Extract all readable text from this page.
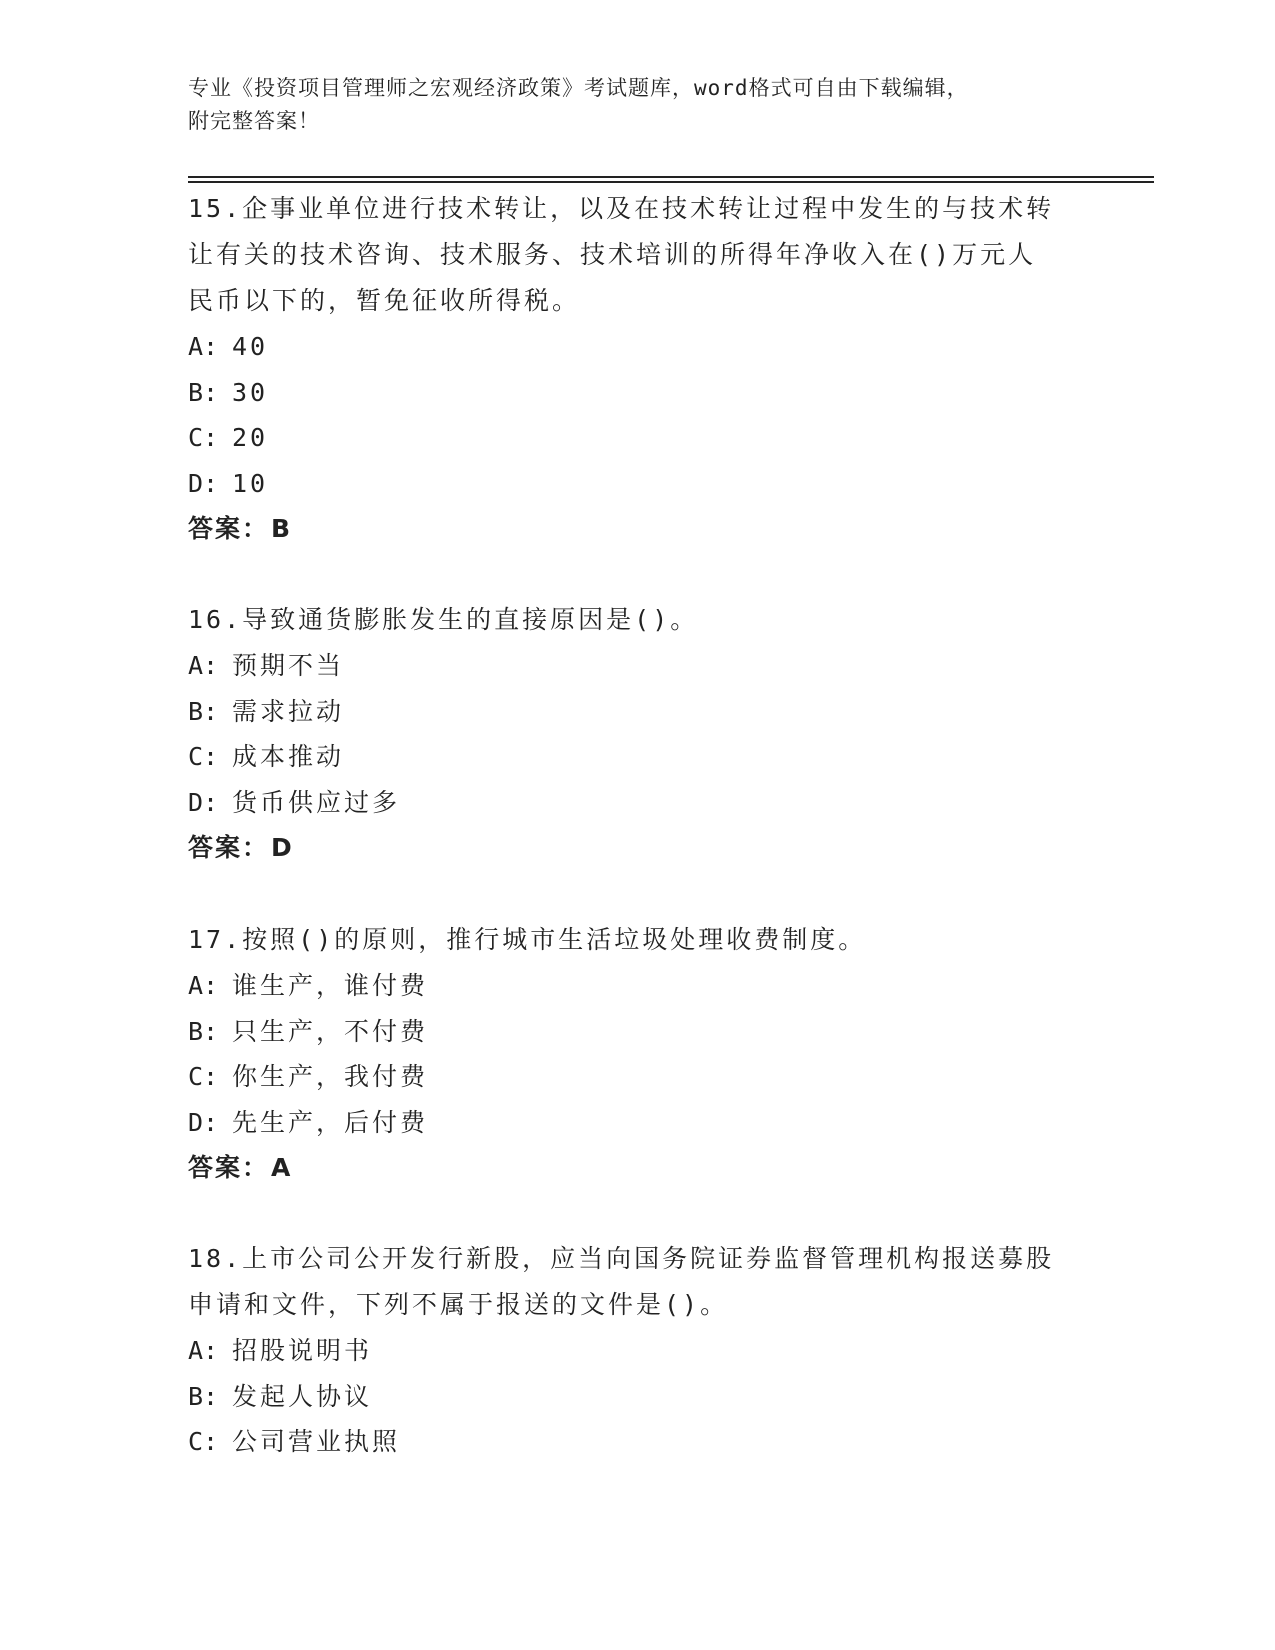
专业《投资项目管理师之宏观经济政策》考试题库，word格式可自由下载编辑，
附完整答案！

15.企事业单位进行技术转让，以及在技术转让过程中发生的与技术转

让有关的技术咨询、技术服务、技术培训的所得年净收入在()万元人

民币以下的，暂免征收所得税。

A: 40

B: 30

C: 20

D: 10

答案：B

16.导致通货膨胀发生的直接原因是()。

A: 预期不当

B: 需求拉动

C: 成本推动

D: 货币供应过多

答案：D

17.按照()的原则，推行城市生活垃圾处理收费制度。

A: 谁生产，谁付费

B: 只生产，不付费

C: 你生产，我付费

D: 先生产，后付费

答案：A

18.上市公司公开发行新股，应当向国务院证券监督管理机构报送募股

申请和文件，下列不属于报送的文件是()。

A: 招股说明书

B: 发起人协议

C: 公司营业执照
